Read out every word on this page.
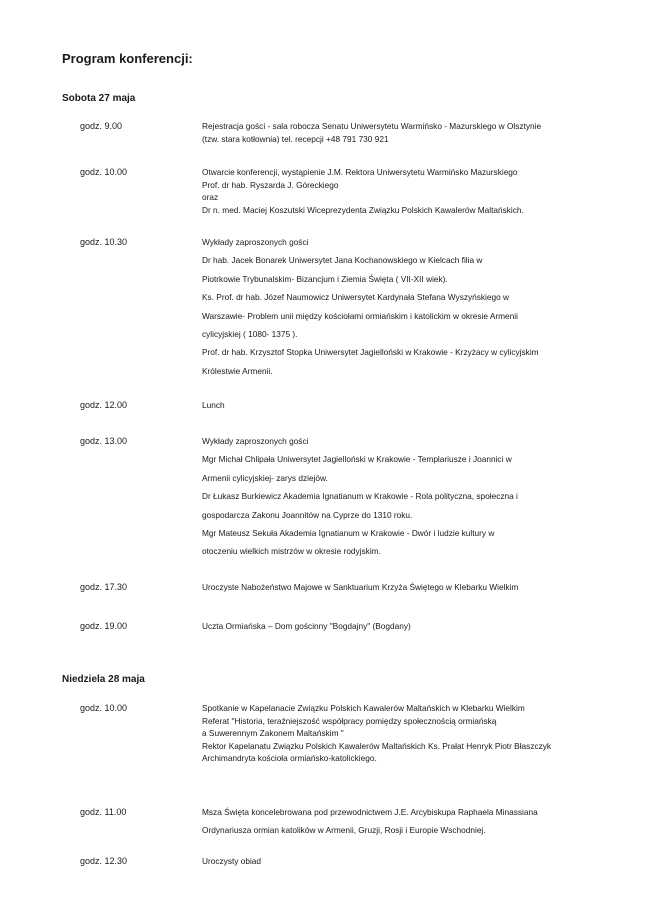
Program konferencji:
Sobota 27 maja
godz. 9.00	Rejestracja gości - sala robocza Senatu Uniwersytetu Warmińsko - Mazurskiego w Olsztynie
(tzw. stara kotłownia) tel. recepcji +48 791 730 921
godz. 10.00	Otwarcie konferencji, wystąpienie J.M. Rektora Uniwersytetu Warmińsko Mazurskiego
Prof. dr hab. Ryszarda J. Góreckiego
oraz
Dr n. med. Maciej Koszutski Wiceprezydenta Związku Polskich Kawalerów Maltańskich.
godz. 10.30	Wykłady zaproszonych gości
Dr hab. Jacek Bonarek Uniwersytet Jana Kochanowskiego w Kielcach filia w
Piotrkowie Trybunalskim- Bizancjum i Ziemia Święta ( VII-XII wiek).
Ks. Prof. dr hab. Józef Naumowicz Uniwersytet Kardynała Stefana Wyszyńskiego w
Warszawie- Problem unii między kościołami ormiańskim i katolickim w okresie Armenii
cylicyjskiej ( 1080- 1375 ).
Prof. dr hab. Krzysztof Stopka Uniwersytet Jagielloński w Krakowie - Krzyżacy w cylicyjskim
Królestwie Armenii.
godz. 12.00	Lunch
godz. 13.00	Wykłady zaproszonych gości
Mgr Michał Chlipała Uniwersytet Jagielloński w Krakowie - Templariusze i Joannici w
Armenii cylicyjskiej- zarys dziejów.
Dr Łukasz Burkiewicz Akademia Ignatianum w Krakowie - Rola polityczna, społeczna i
gospodarcza Zakonu Joannitów na Cyprze do 1310 roku.
Mgr Mateusz Sekuła Akademia Ignatianum w Krakowie - Dwór i ludzie kultury w
otoczeniu wielkich mistrzów w okresie rodyjskim.
godz. 17.30	Uroczyste Nabożeństwo Majowe w Sanktuarium Krzyża Świętego w Klebarku Wielkim
godz. 19.00	Uczta Ormiańska – Dom gościnny "Bogdajny" (Bogdany)
Niedziela 28 maja
godz. 10.00	Spotkanie w Kapelanacie Związku Polskich Kawalerów Maltańskich w Klebarku Wielkim
Referat "Historia, teraźniejszość współpracy pomiędzy społecznością ormiańską
a Suwerennym Zakonem Maltańskim "
Rektor Kapelanatu Związku Polskich Kawalerów Maltańskich Ks. Prałat Henryk Piotr Błaszczyk
Archimandryta kościoła ormiańsko-katolickiego.
godz. 11.00	Msza Święta koncelebrowana pod przewodnictwem J.E. Arcybiskupa Raphaela Minassiana
Ordynariusza ormian katolików w Armenii, Gruzji, Rosji i Europie Wschodniej.
godz. 12.30	Uroczysty obiad
